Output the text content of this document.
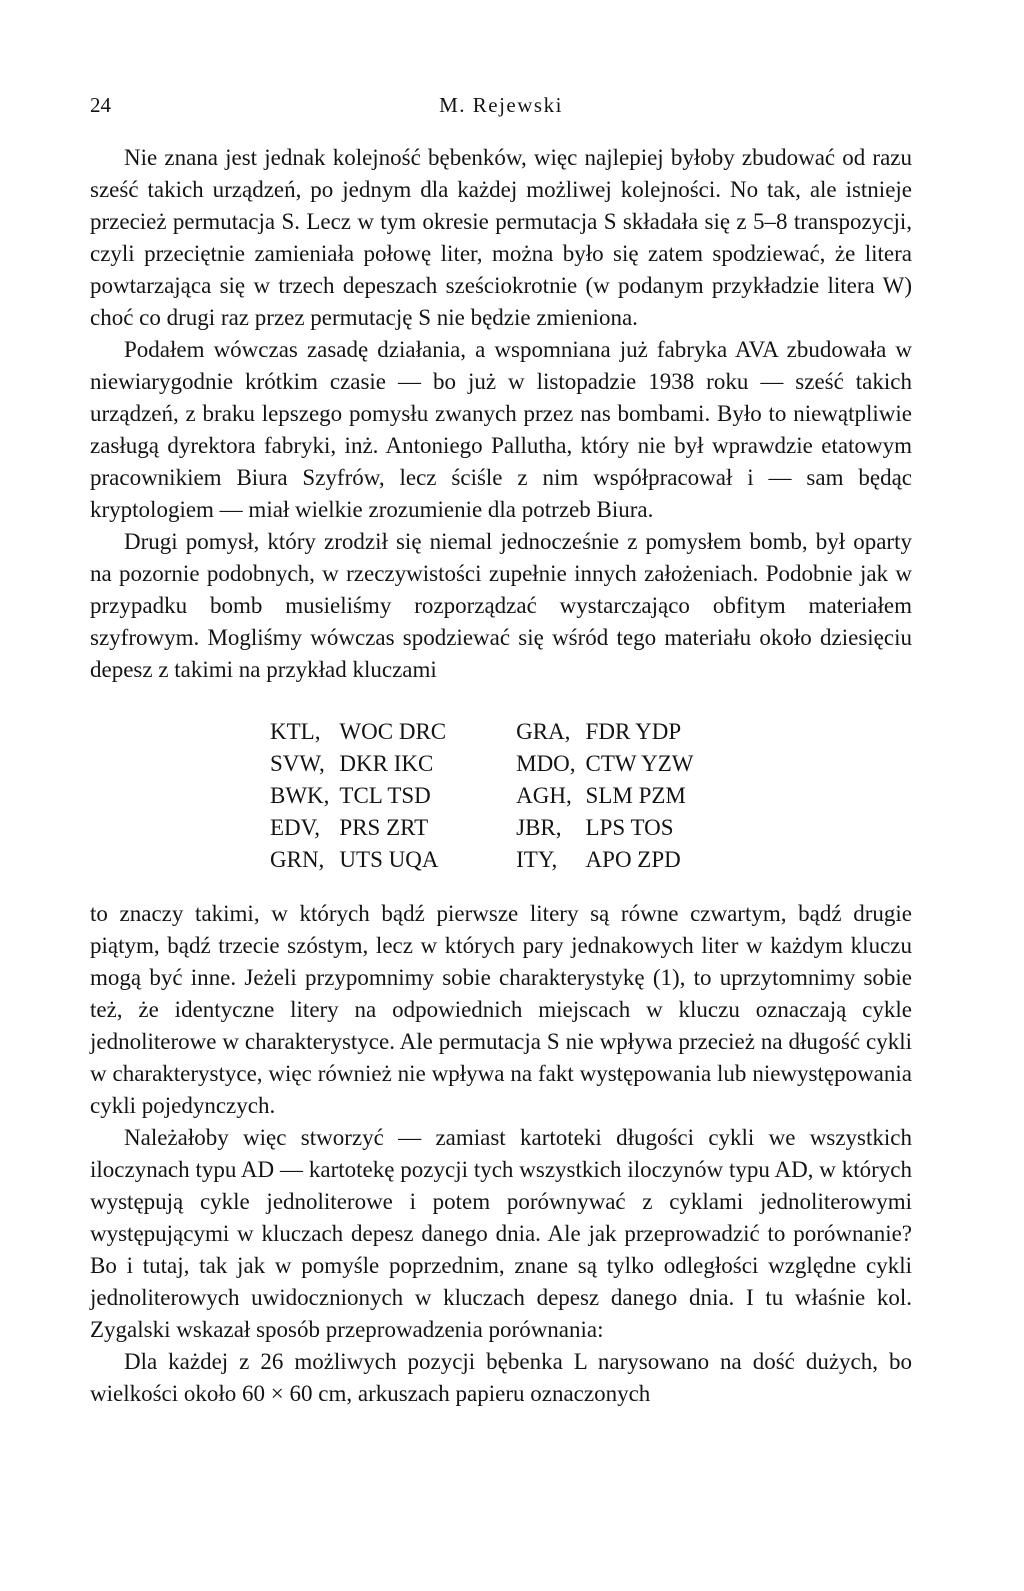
24	M. Rejewski

Nie znana jest jednak kolejność bębenków, więc najlepiej byłoby zbudować od razu sześć takich urządzeń, po jednym dla każdej możliwej kolejności. No tak, ale istnieje przecież permutacja S. Lecz w tym okresie permutacja S składała się z 5–8 transpozycji, czyli przeciętnie zamieniała połowę liter, można było się zatem spodziewać, że litera powtarzająca się w trzech depeszach sześciokrotnie (w podanym przykładzie litera W) choć co drugi raz przez permutację S nie będzie zmieniona.

Podałem wówczas zasadę działania, a wspomniana już fabryka AVA zbudowała w niewiarygodnie krótkim czasie — bo już w listopadzie 1938 roku — sześć takich urządzeń, z braku lepszego pomysłu zwanych przez nas bombami. Było to niewątpliwie zasługą dyrektora fabryki, inż. Antoniego Pallutha, który nie był wprawdzie etatowym pracownikiem Biura Szyfrów, lecz ściśle z nim współpracował i — sam będąc kryptologiem — miał wielkie zrozumienie dla potrzeb Biura.

Drugi pomysł, który zrodził się niemal jednocześnie z pomysłem bomb, był oparty na pozornie podobnych, w rzeczywistości zupełnie innych założeniach. Podobnie jak w przypadku bomb musieliśmy rozporządzać wystarczająco obfitym materiałem szyfrowym. Mogliśmy wówczas spodziewać się wśród tego materiału około dziesięciu depesz z takimi na przykład kluczami

KTL,	WOC DRC	GRA,	FDR YDP
SVW,	DKR IKC	MDO,	CTW YZW
BWK,	TCL TSD	AGH,	SLM PZM
EDV,	PRS ZRT	JBR,	LPS TOS
GRN,	UTS UQA	ITY,	APO ZPD

to znaczy takimi, w których bądź pierwsze litery są równe czwartym, bądź drugie piątym, bądź trzecie szóstym, lecz w których pary jednakowych liter w każdym kluczu mogą być inne. Jeżeli przypomnimy sobie charakterystykę (1), to uprzytomnimy sobie też, że identyczne litery na odpowiednich miejscach w kluczu oznaczają cykle jednoliterowe w charakterystyce. Ale permutacja S nie wpływa przecież na długość cykli w charakterystyce, więc również nie wpływa na fakt występowania lub niewystępowania cykli pojedynczych.

Należałoby więc stworzyć — zamiast kartoteki długości cykli we wszystkich iloczynach typu AD — kartotekę pozycji tych wszystkich iloczynów typu AD, w których występują cykle jednoliterowe i potem porównywać z cyklami jednoliterowymi występującymi w kluczach depesz danego dnia. Ale jak przeprowadzić to porównanie? Bo i tutaj, tak jak w pomyśle poprzednim, znane są tylko odległości względne cykli jednoliterowych uwidocznionych w kluczach depesz danego dnia. I tu właśnie kol. Zygalski wskazał sposób przeprowadzenia porównania:

Dla każdej z 26 możliwych pozycji bębenka L narysowano na dość dużych, bo wielkości około 60 × 60 cm, arkuszach papieru oznaczonych
